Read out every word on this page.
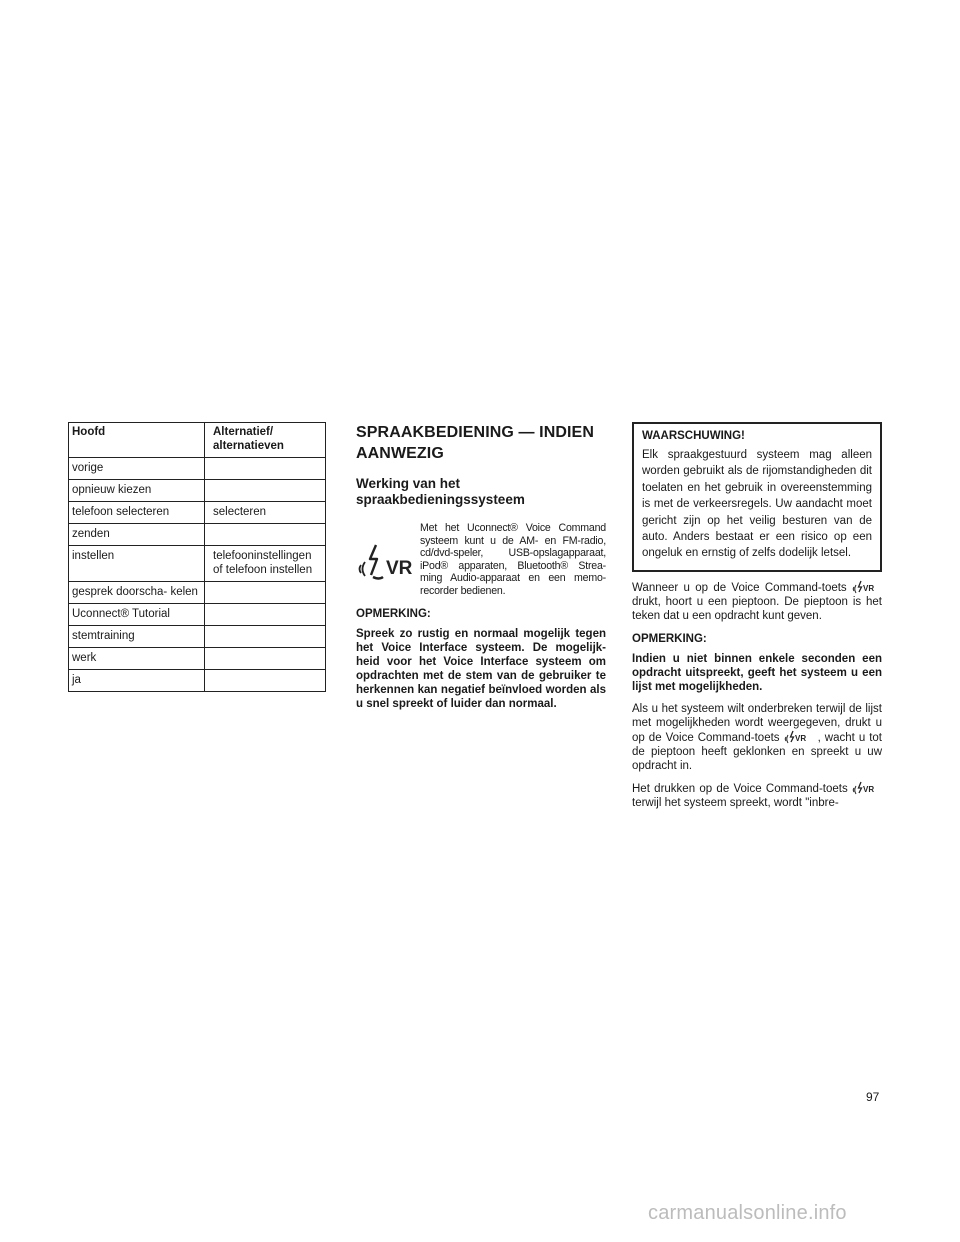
Hoofd	Alternatief/ alternatieven
vorige	
opnieuw kiezen	
telefoon selecteren	selecteren
zenden	
instellen	telefooninstellingen of telefoon instellen
gesprek doorscha- kelen	
Uconnect® Tutorial	
stemtraining	
werk	
ja	
SPRAAKBEDIENING — INDIEN AANWEZIG
Werking van het spraakbedieningssysteem
VR

Met het Uconnect® Voice Command systeem kunt u de AM- en FM-radio, cd/dvd-speler, USB-opslagapparaat, iPod® apparaten, Bluetooth® Strea- ming Audio-apparaat en een memo- recorder bedienen.

OPMERKING:

Spreek zo rustig en normaal mogelijk tegen het Voice Interface systeem. De mogelijk- heid voor het Voice Interface systeem om opdrachten met de stem van de gebruiker te herkennen kan negatief beïnvloed worden als u snel spreekt of luider dan normaal.

WAARSCHUWING!

Elk spraakgestuurd systeem mag alleen worden gebruikt als de rijomstandigheden dit toelaten en het gebruik in overeenstemming is met de verkeersregels. Uw aandacht moet gericht zijn op het veilig besturen van de auto. Anders bestaat er een risico op een ongeluk en ernstig of zelfs dodelijk letsel.

Wanneer u op de Voice Command-toets VR
drukt, hoort u een pieptoon. De pieptoon is het teken dat u een opdracht kunt geven.

OPMERKING:

Indien u niet binnen enkele seconden een opdracht uitspreekt, geeft het systeem u een lijst met mogelijkheden.

Als u het systeem wilt onderbreken terwijl de lijst met mogelijkheden wordt weergegeven, drukt u op de Voice Command-toets VR , wacht u tot de pieptoon heeft geklonken en spreekt u uw opdracht in.

Het drukken op de Voice Command-toets VR
terwijl het systeem spreekt, wordt "inbre-

97
carmanualsonline.info
